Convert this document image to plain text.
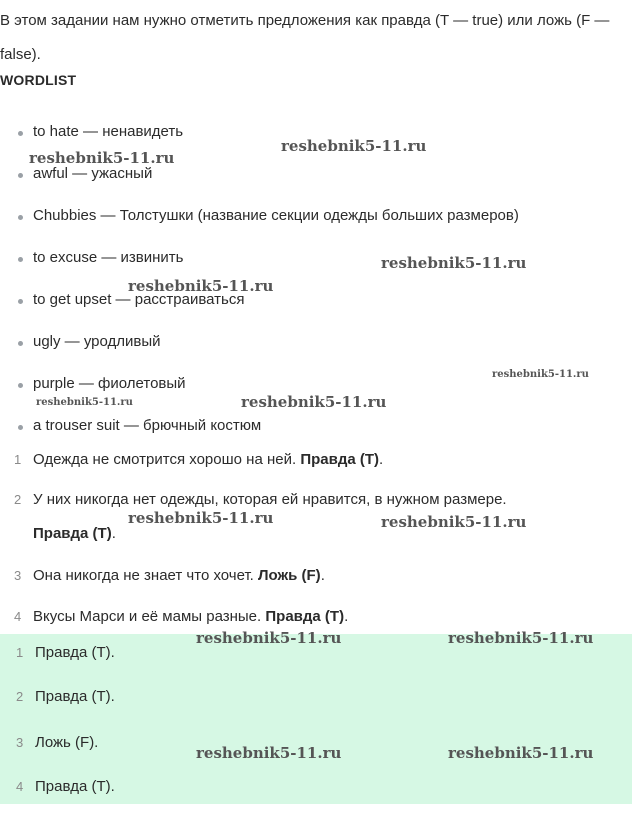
В этом задании нам нужно отметить предложения как правда (T — true) или ложь (F — false).
WORDLIST
to hate — ненавидеть
awful — ужасный
Chubbies — Толстушки (название секции одежды больших размеров)
to excuse — извинить
to get upset — расстраиваться
ugly — уродливый
purple — фиолетовый
a trouser suit — брючный костюм
1 Одежда не смотрится хорошо на ней. Правда (T).
2 У них никогда нет одежды, которая ей нравится, в нужном размере.
Правда (T).
3 Она никогда не знает что хочет. Ложь (F).
4 Вкусы Марси и её мамы разные. Правда (T).
1 Правда (T).
2 Правда (T).
3 Ложь (F).
4 Правда (T).
reshebnik5-11.ru
reshebnik5-11.ru
reshebnik5-11.ru
reshebnik5-11.ru
reshebnik5-11.ru
reshebnik5-11.ru	reshebnik5-11.ru
reshebnik5-11.ru	reshebnik5-11.ru
reshebnik5-11.ru	reshebnik5-11.ru
reshebnik5-11.ru	reshebnik5-11.ru
